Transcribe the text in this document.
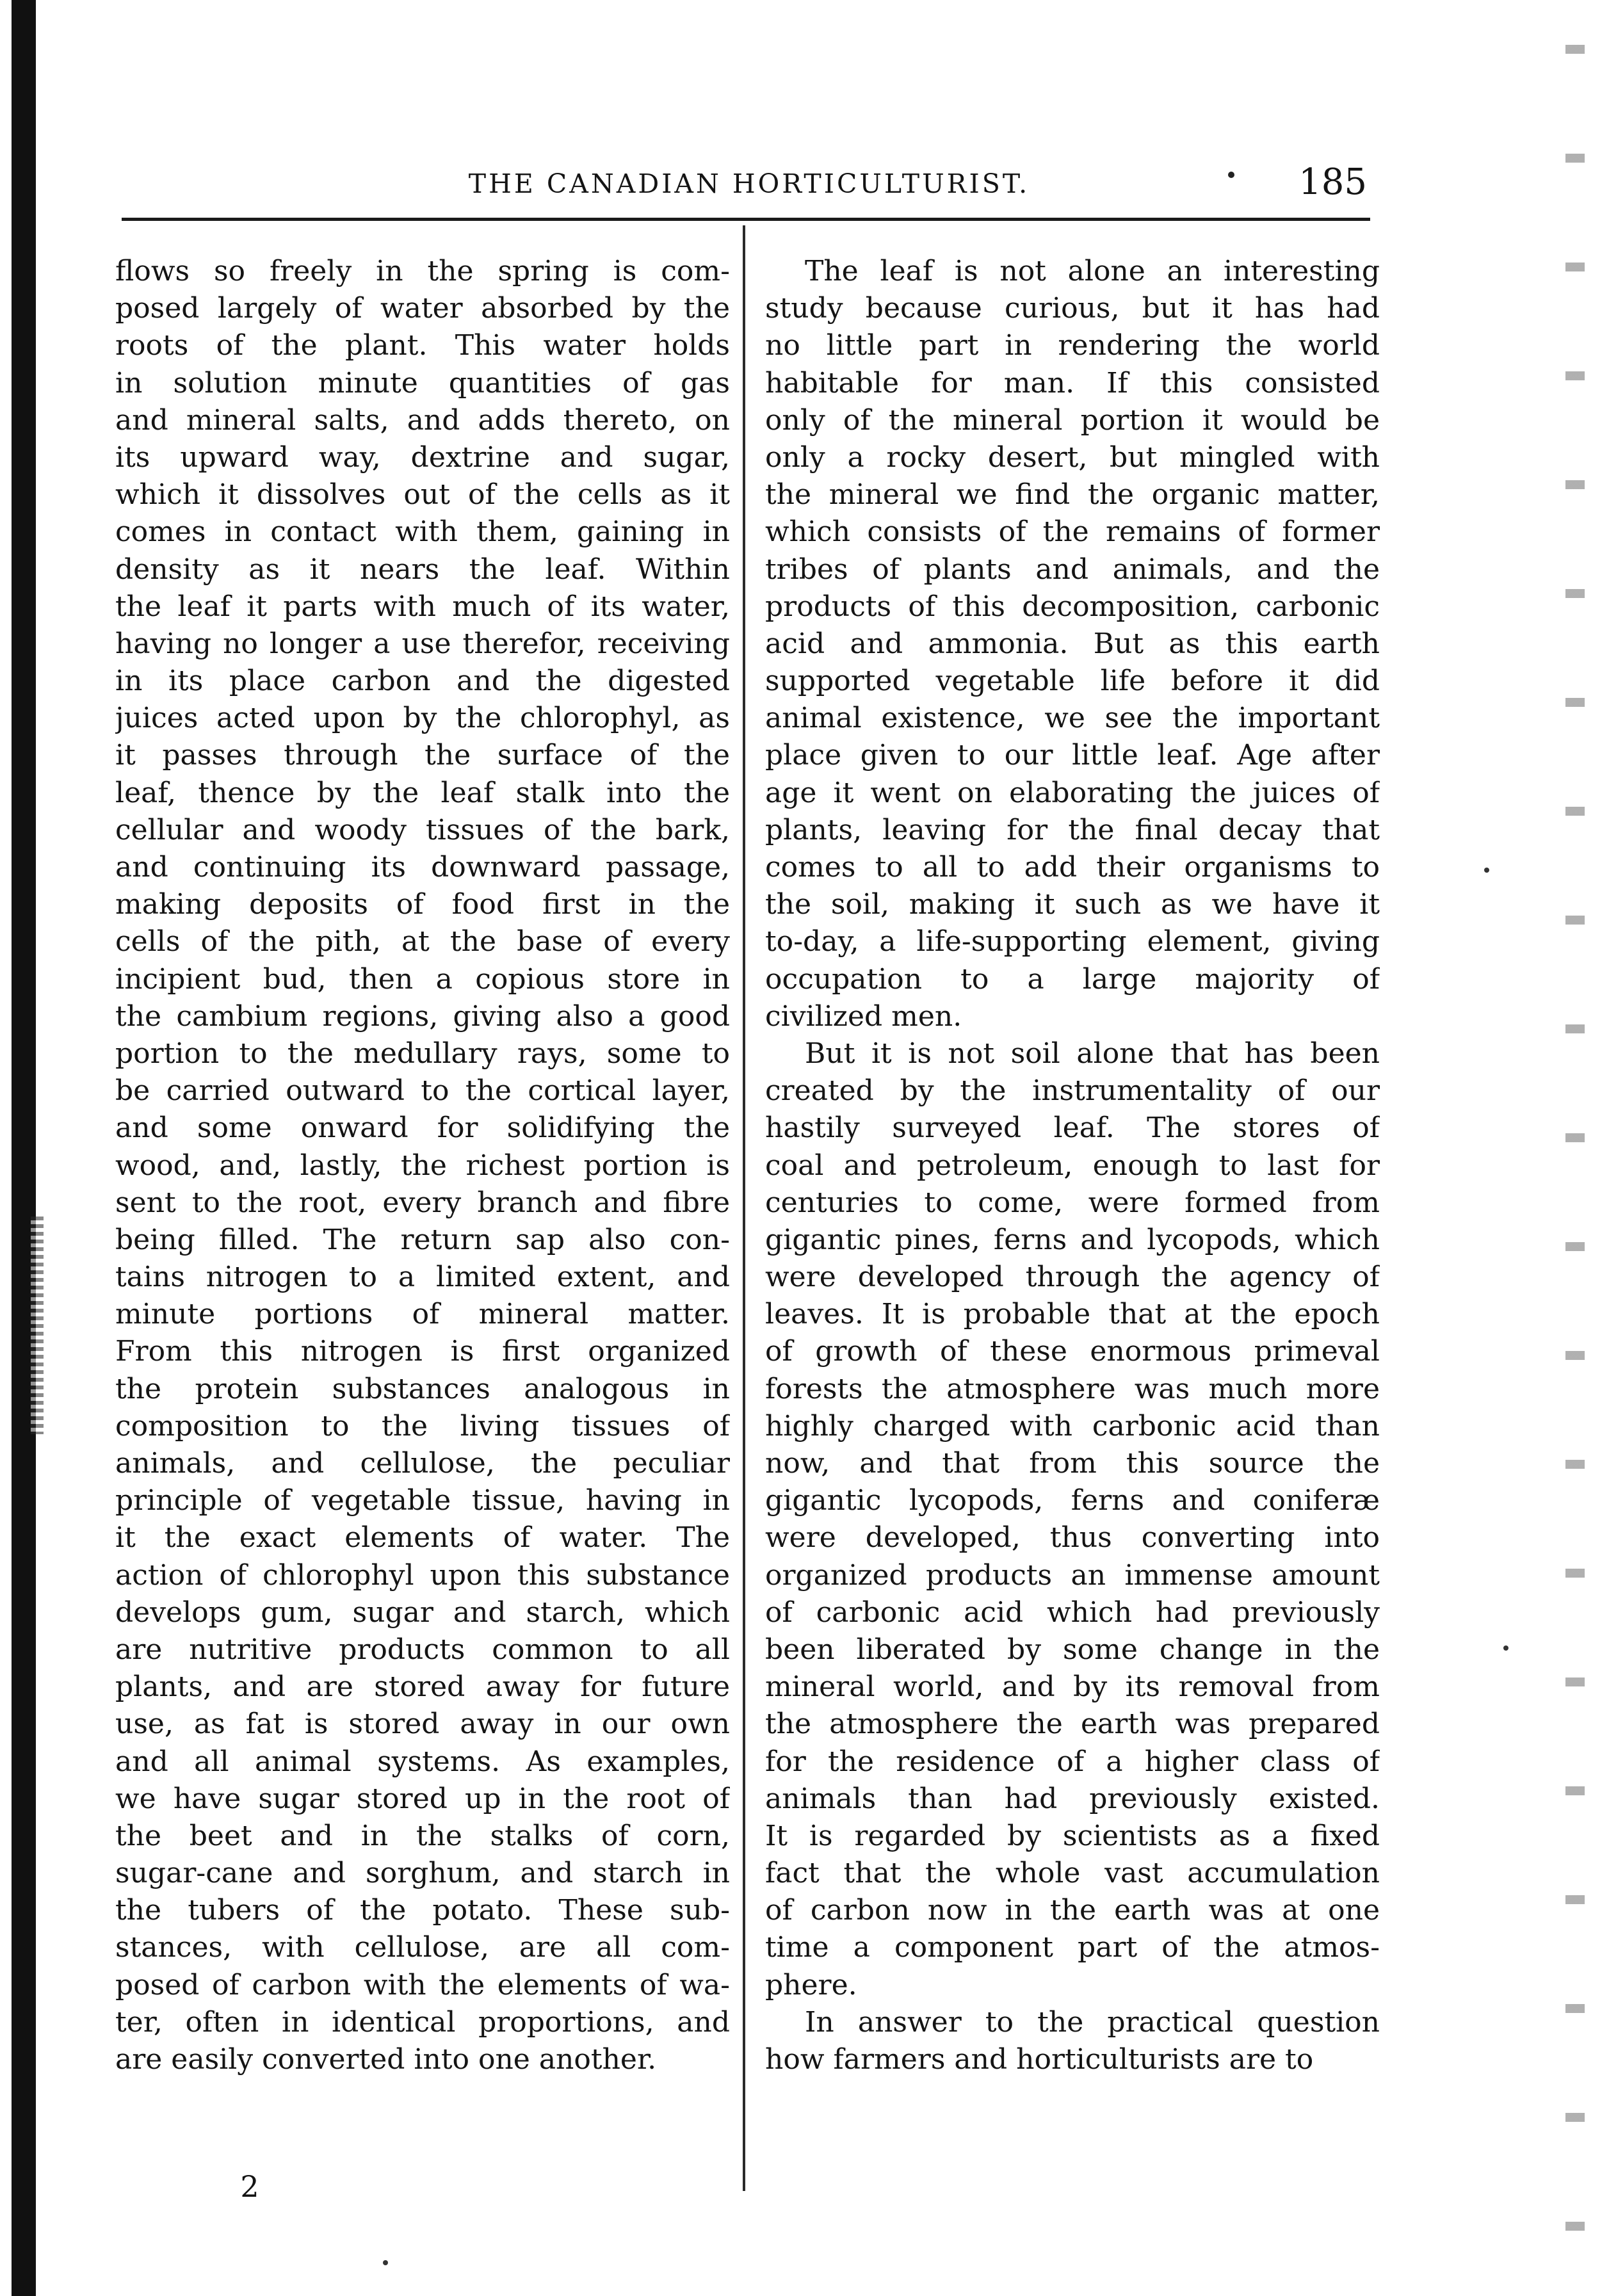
THE CANADIAN HORTICULTURIST.	185
flows so freely in the spring is com-
posed largely of water absorbed by the
roots of the plant. This water holds
in solution minute quantities of gas
and mineral salts, and adds thereto, on
its upward way, dextrine and sugar,
which it dissolves out of the cells as it
comes in contact with them, gaining in
density as it nears the leaf. Within
the leaf it parts with much of its water,
having no longer a use therefor, receiving
in its place carbon and the digested
juices acted upon by the chlorophyl, as
it passes through the surface of the
leaf, thence by the leaf stalk into the
cellular and woody tissues of the bark,
and continuing its downward passage,
making deposits of food first in the
cells of the pith, at the base of every
incipient bud, then a copious store in
the cambium regions, giving also a good
portion to the medullary rays, some to
be carried outward to the cortical layer,
and some onward for solidifying the
wood, and, lastly, the richest portion is
sent to the root, every branch and fibre
being filled. The return sap also con-
tains nitrogen to a limited extent, and
minute portions of mineral matter.
From this nitrogen is first organized
the protein substances analogous in
composition to the living tissues of
animals, and cellulose, the peculiar
principle of vegetable tissue, having in
it the exact elements of water. The
action of chlorophyl upon this substance
develops gum, sugar and starch, which
are nutritive products common to all
plants, and are stored away for future
use, as fat is stored away in our own
and all animal systems. As examples,
we have sugar stored up in the root of
the beet and in the stalks of corn,
sugar-cane and sorghum, and starch in
the tubers of the potato. These sub-
stances, with cellulose, are all com-
posed of carbon with the elements of wa-
ter, often in identical proportions, and
are easily converted into one another.
The leaf is not alone an interesting
study because curious, but it has had
no little part in rendering the world
habitable for man. If this consisted
only of the mineral portion it would be
only a rocky desert, but mingled with
the mineral we find the organic matter,
which consists of the remains of former
tribes of plants and animals, and the
products of this decomposition, carbonic
acid and ammonia. But as this earth
supported vegetable life before it did
animal existence, we see the important
place given to our little leaf. Age after
age it went on elaborating the juices of
plants, leaving for the final decay that
comes to all to add their organisms to
the soil, making it such as we have it
to-day, a life-supporting element, giving
occupation to a large majority of
civilized men.
But it is not soil alone that has been
created by the instrumentality of our
hastily surveyed leaf. The stores of
coal and petroleum, enough to last for
centuries to come, were formed from
gigantic pines, ferns and lycopods, which
were developed through the agency of
leaves. It is probable that at the epoch
of growth of these enormous primeval
forests the atmosphere was much more
highly charged with carbonic acid than
now, and that from this source the
gigantic lycopods, ferns and coniferæ
were developed, thus converting into
organized products an immense amount
of carbonic acid which had previously
been liberated by some change in the
mineral world, and by its removal from
the atmosphere the earth was prepared
for the residence of a higher class of
animals than had previously existed.
It is regarded by scientists as a fixed
fact that the whole vast accumulation
of carbon now in the earth was at one
time a component part of the atmos-
phere.
In answer to the practical question
how farmers and horticulturists are to
2
